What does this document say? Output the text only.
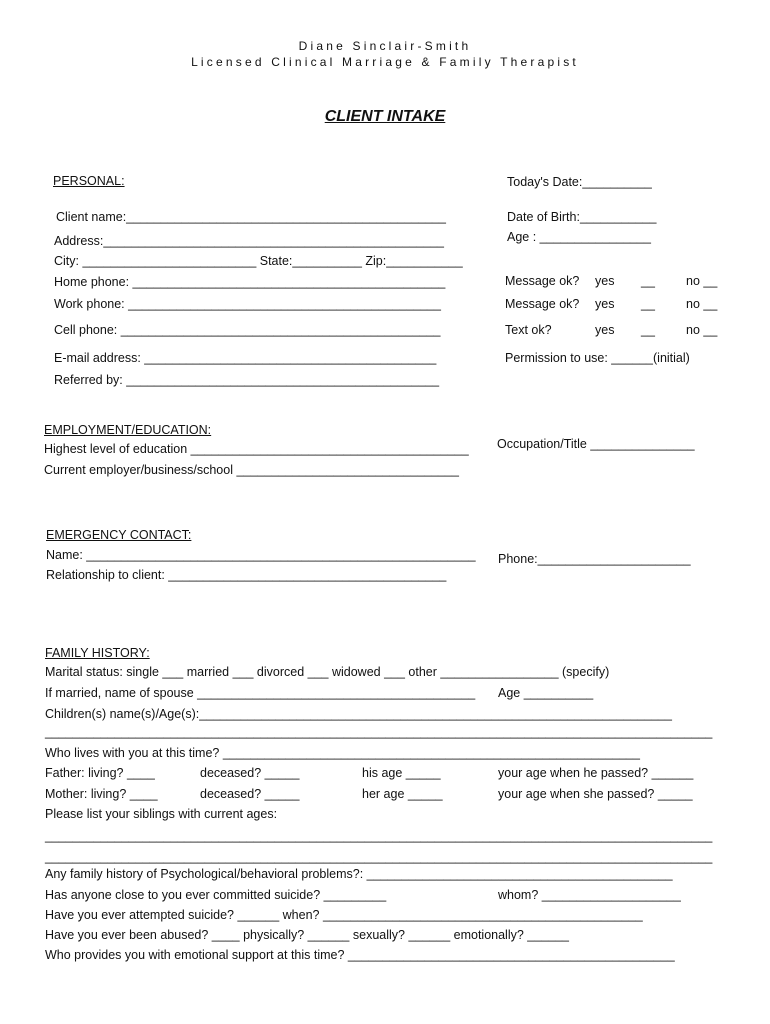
Diane Sinclair-Smith
Licensed Clinical Marriage & Family Therapist
CLIENT INTAKE
PERSONAL:	Today's Date:__________
Client name:______________________________________________	Date of Birth:___________
Address:_________________________________________________	Age : ________________
City: _________________________ State:__________ Zip:___________
Home phone: _____________________________________________	Message ok? yes __ no __
Work phone: _____________________________________________	Message ok? yes __ no __
Cell phone: ______________________________________________	Text ok?	yes __ no __
E-mail address: __________________________________________	Permission to use: ______(initial)
Referred by: _____________________________________________
EMPLOYMENT/EDUCATION:
Highest level of education ________________________________________ Occupation/Title _______________
Current employer/business/school ________________________________
EMERGENCY CONTACT:
Name: ________________________________________________________ Phone:______________________
Relationship to client: ________________________________________
FAMILY HISTORY:
Marital status: single ___ married ___ divorced ___ widowed ___ other _________________ (specify)
If married, name of spouse ________________________________________ Age __________
Children(s) name(s)/Age(s):____________________________________________________________________
________________________________________________________________________________________________
Who lives with you at this time? ____________________________________________________________
Father: living? ____	deceased? _____	his age _____	your age when he passed? ______
Mother: living? ____	deceased? _____	her age _____	your age when she passed? _____
Please list your siblings with current ages:
________________________________________________________________________________________________
________________________________________________________________________________________________
Any family history of Psychological/behavioral problems?: ____________________________________________
Has anyone close to you ever committed suicide? _________	whom? ____________________
Have you ever attempted suicide? ______ when? ______________________________________________
Have you ever been abused? ____ physically? ______ sexually? ______ emotionally? ______
Who provides you with emotional support at this time? _______________________________________________
